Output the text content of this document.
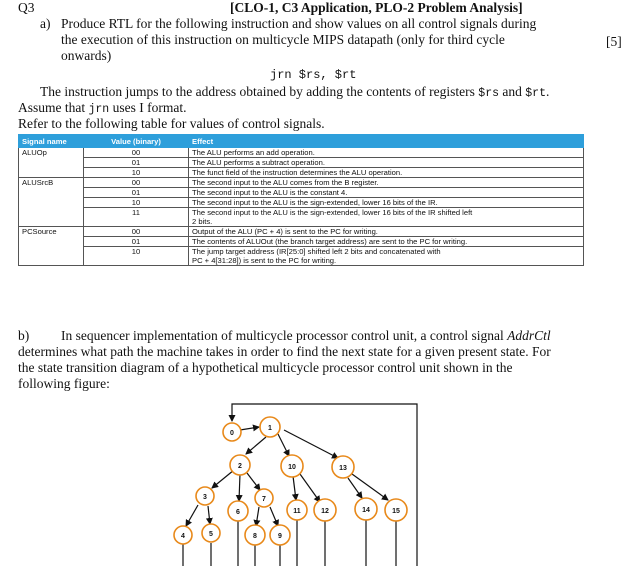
Q3	[CLO-1, C3 Application, PLO-2 Problem Analysis]
[5]
a) Produce RTL for the following instruction and show values on all control signals during
the execution of this instruction on multicycle MIPS datapath (only for third cycle
onwards)
jrn $rs, $rt
The instruction jumps to the address obtained by adding the contents of registers $rs and $rt.
Assume that jrn uses I format.
Refer to the following table for values of control signals.
Signal name	Value (binary)	Effect
ALUOp	00	The ALU performs an add operation.
	01	The ALU performs a subtract operation.
	10	The funct field of the instruction determines the ALU operation.
ALUSrcB	00	The second input to the ALU comes from the B register.
	01	The second input to the ALU is the constant 4.
	10	The second input to the ALU is the sign-extended, lower 16 bits of the IR.
	11	The second input to the ALU is the sign-extended, lower 16 bits of the IR shifted left
2 bits.

PCSource	00	Output of the ALU (PC + 4) is sent to the PC for writing.
	01	The contents of ALUOut (the branch target address) are sent to the PC for writing.
	10	The jump target address (IR[25:0] shifted left 2 bits and concatenated with
PC + 4[31:28]) is sent to the PC for writing.
b) In sequencer implementation of multicycle processor control unit, a control signal AddrCtl
determines what path the machine takes in order to find the next state for a given present state. For
the state transition diagram of a hypothetical multicycle processor control unit shown in the
following figure:
0
1
2
3
4	5
6
7
8	9
10
11	12
13
14	15
